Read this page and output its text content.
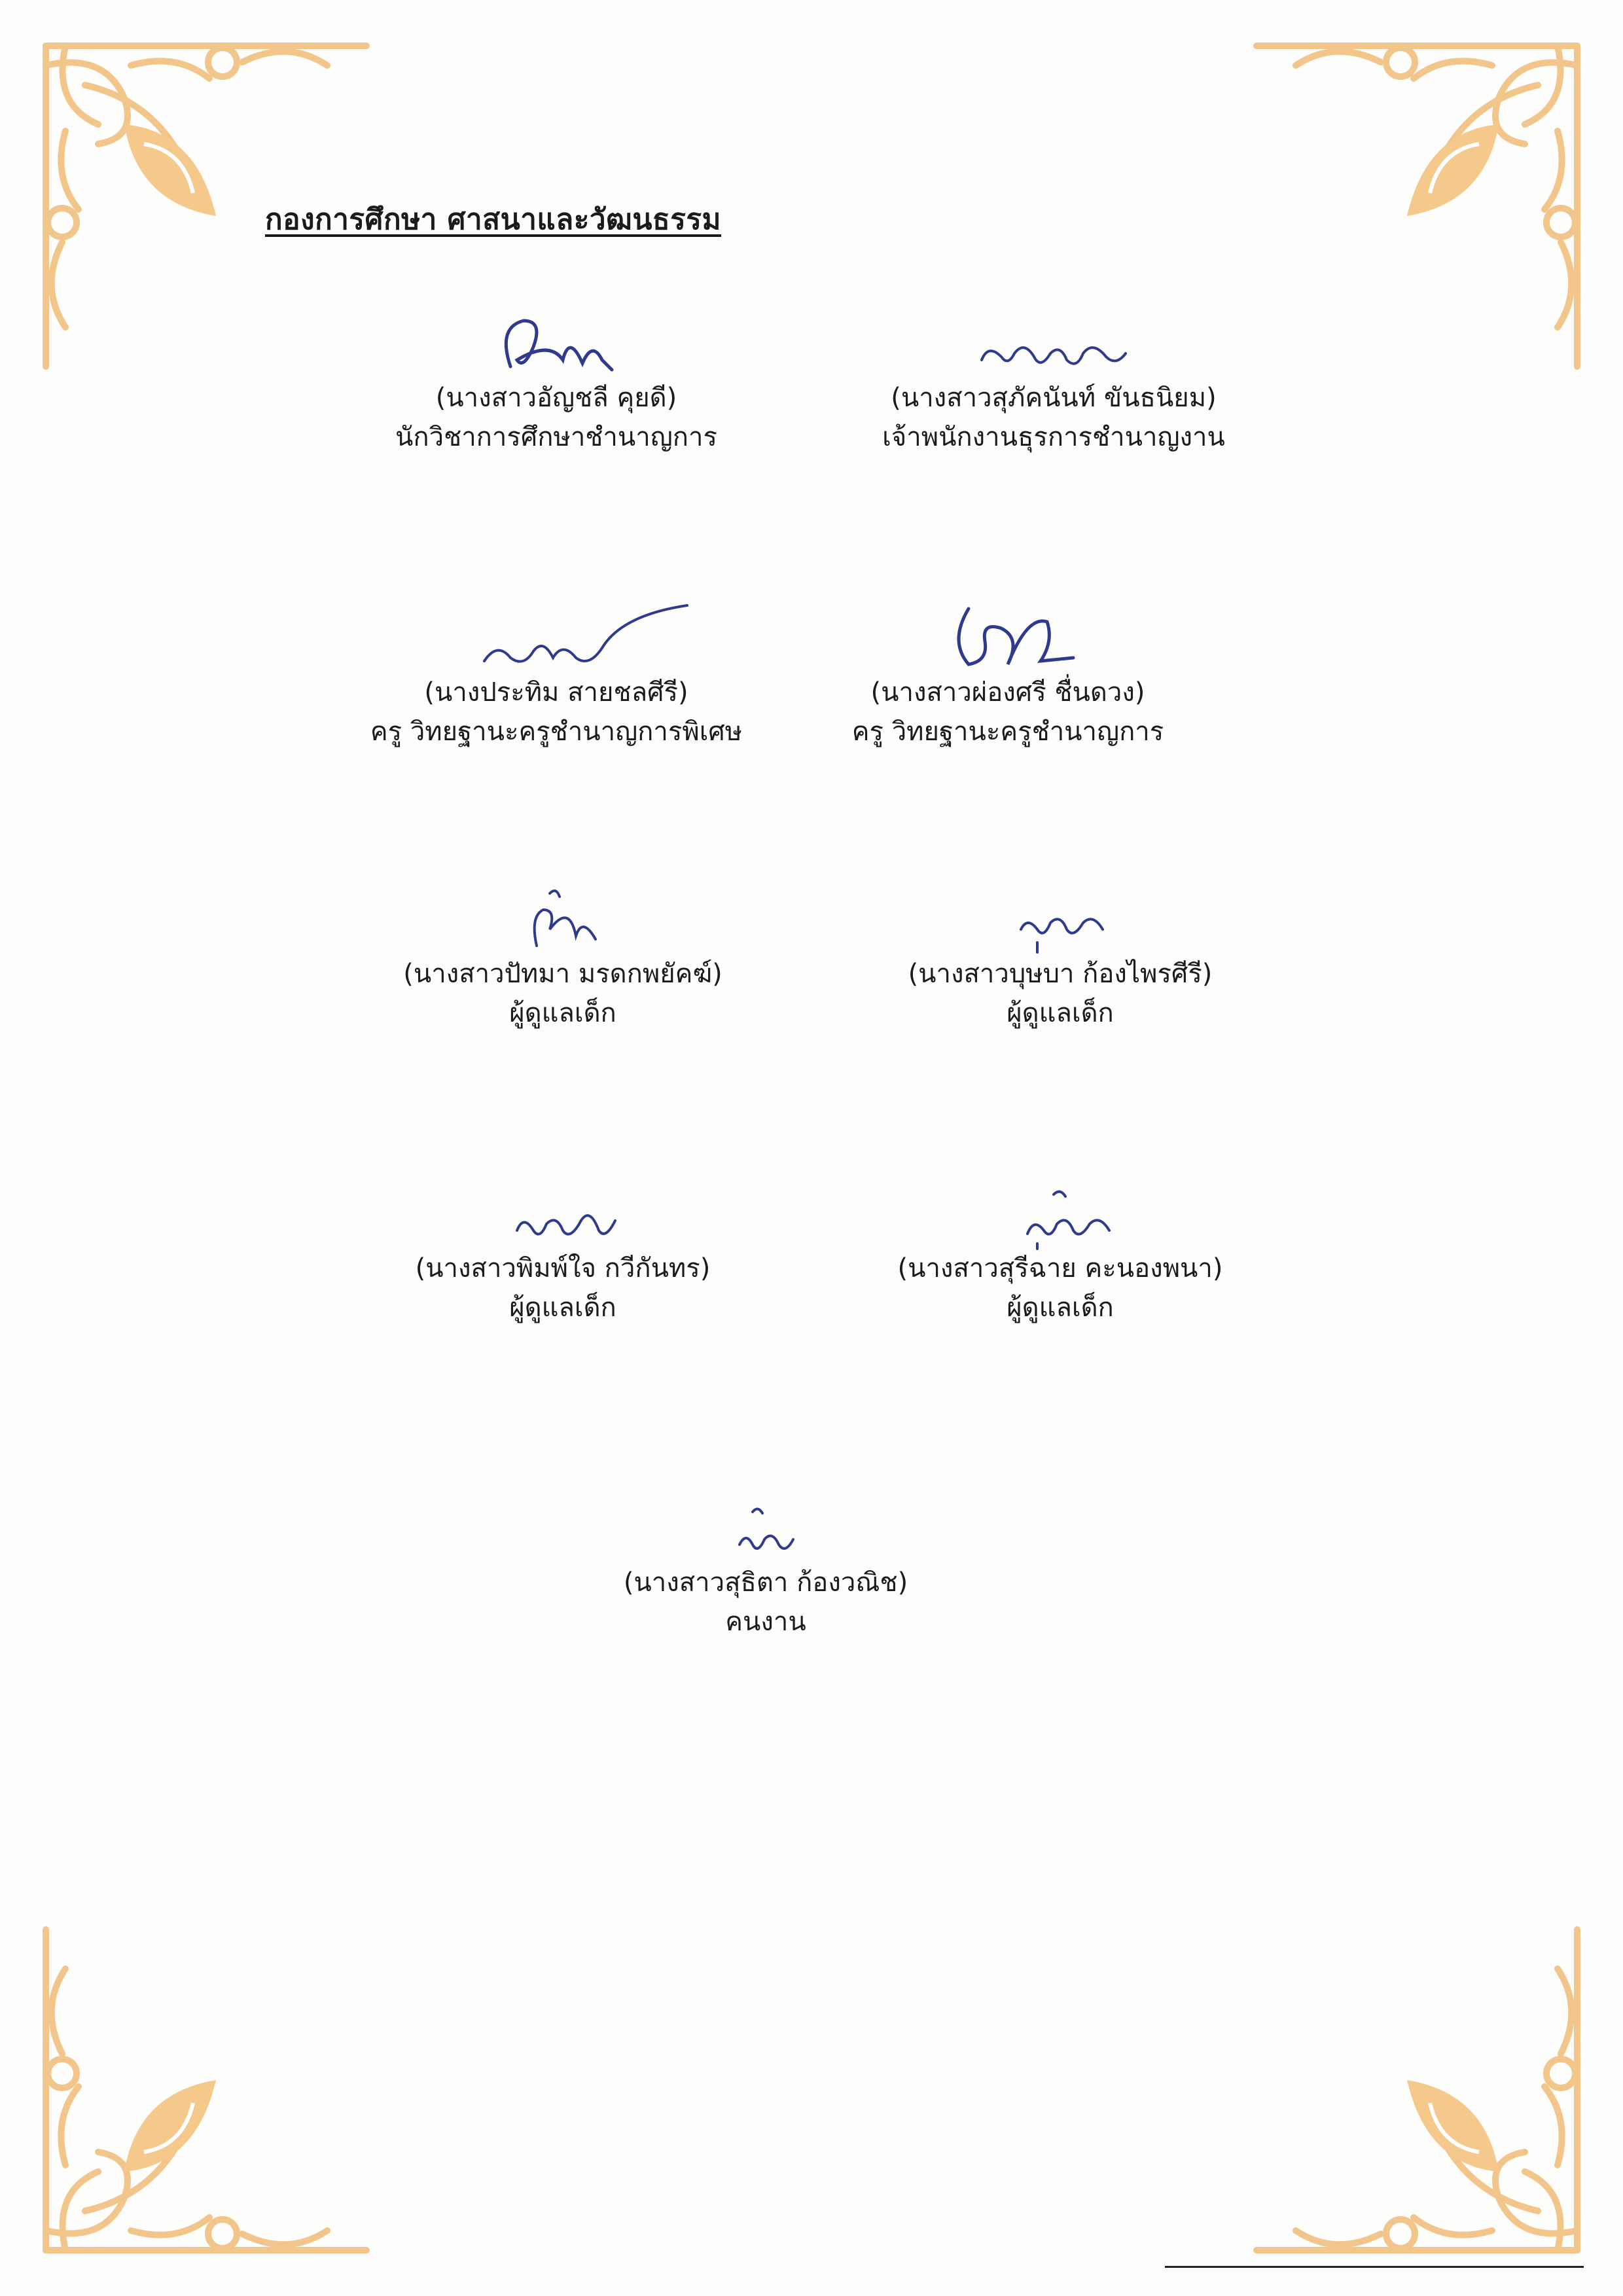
กองการศึกษา ศาสนาและวัฒนธรรม
(นางสาวอัญชลี คุยดี)
นักวิชาการศึกษาชำนาญการ
(นางสาวสุภัคนันท์ ขันธนิยม)
เจ้าพนักงานธุรการชำนาญงาน
(นางประทิม สายชลศีรี)
ครู วิทยฐานะครูชำนาญการพิเศษ
(นางสาวผ่องศรี ชื่นดวง)
ครู วิทยฐานะครูชำนาญการ
(นางสาวปัทมา มรดกพยัคฆ์)
ผู้ดูแลเด็ก
(นางสาวบุษบา ก้องไพรศีรี)
ผู้ดูแลเด็ก
(นางสาวพิมพ์ใจ กวีกันทร)
ผู้ดูแลเด็ก
(นางสาวสุรีฉาย คะนองพนา)
ผู้ดูแลเด็ก
(นางสาวสุธิตา ก้องวณิช)
คนงาน
